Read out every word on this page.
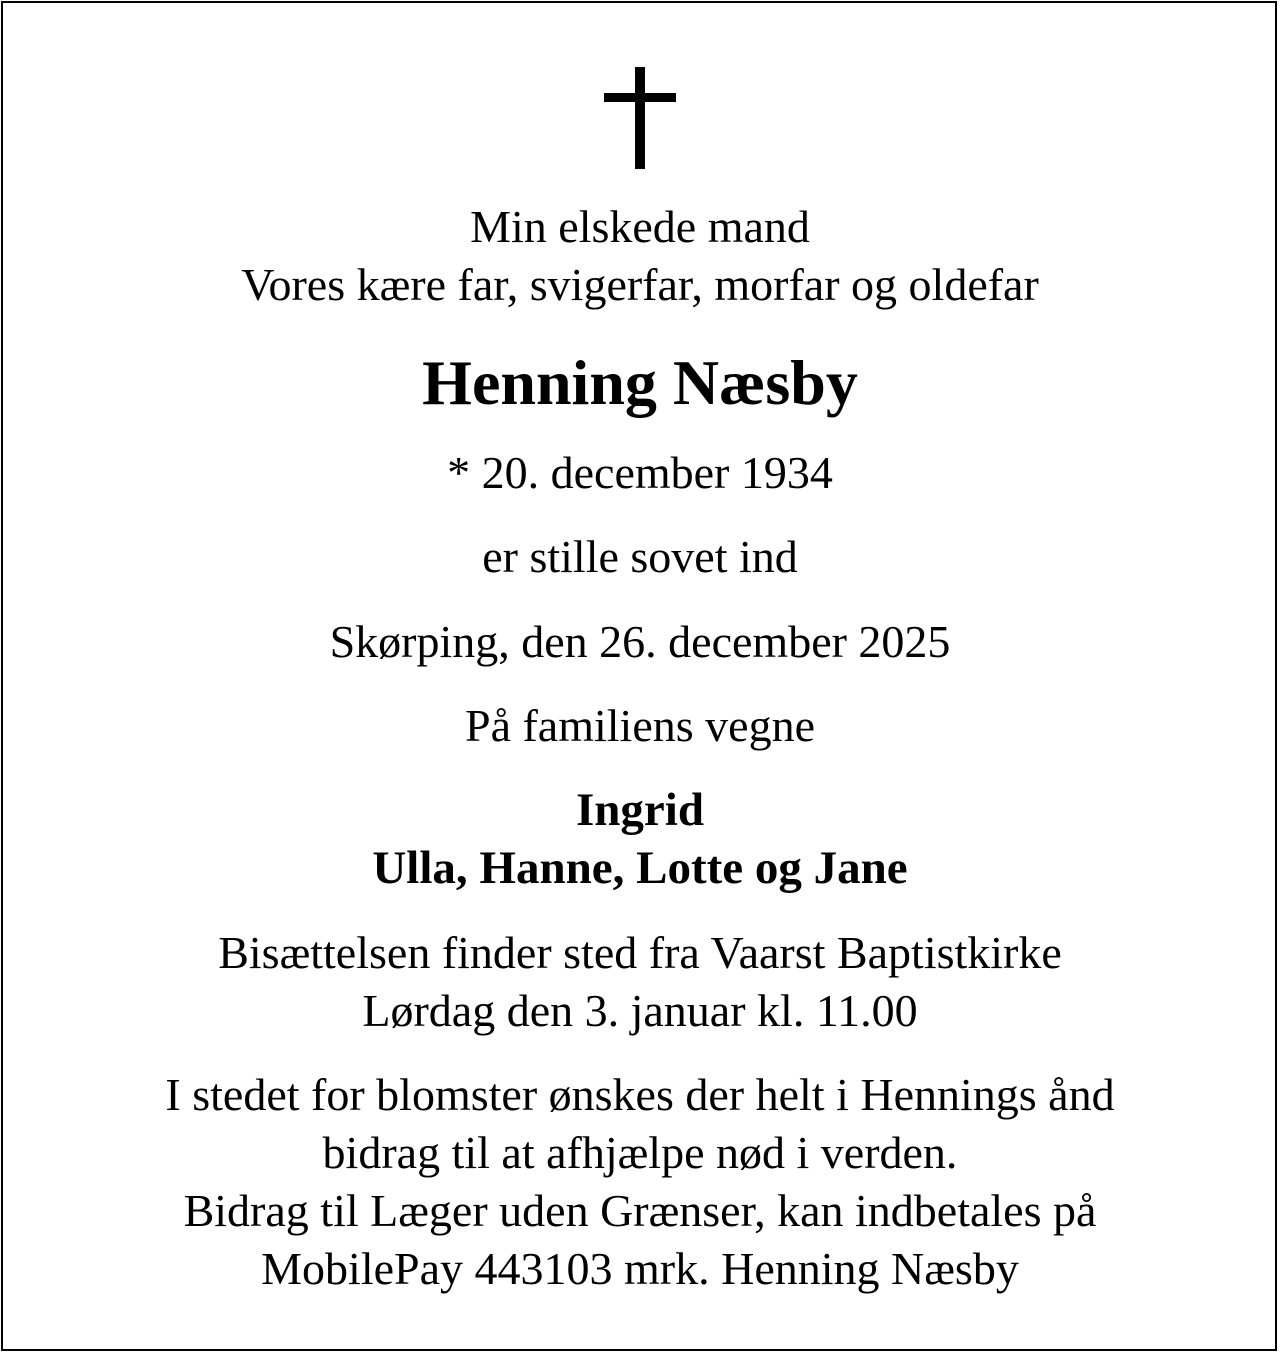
Min elskede mand
Vores kære far, svigerfar, morfar og oldefar
Henning Næsby
* 20. december 1934
er stille sovet ind
Skørping, den 26. december 2025
På familiens vegne
Ingrid
Ulla, Hanne, Lotte og Jane
Bisættelsen finder sted fra Vaarst Baptistkirke
Lørdag den 3. januar kl. 11.00
I stedet for blomster ønskes der helt i Hennings ånd
bidrag til at afhjælpe nød i verden.
Bidrag til Læger uden Grænser, kan indbetales på
MobilePay 443103 mrk. Henning Næsby
